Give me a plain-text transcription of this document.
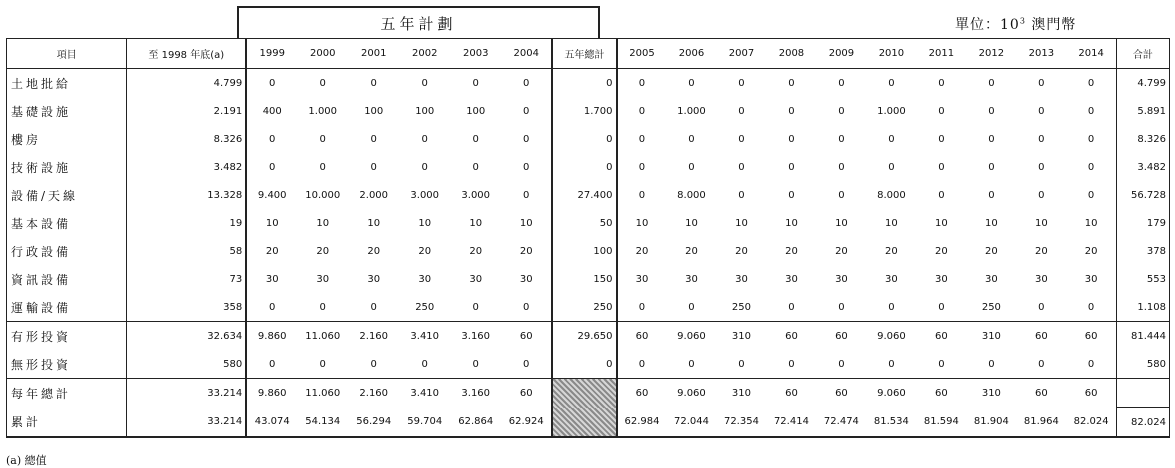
五年計劃	單位：$10^3$ 澳門幣
項目	至 1998 年底(a)	1999	2000	2001	2002	2003	2004	五年總計	2005	2006	2007	2008	2009	2010	2011	2012	2013	2014	合計
土地批給	4.799	0	0	0	0	0	0	0	0	0	0	0	0	0	0	0	0	0	4.799
基礎設施	2.191	400	1.000	100	100	100	0	1.700	0	1.000	0	0	0	1.000	0	0	0	0	5.891
樓房	8.326	0	0	0	0	0	0	0	0	0	0	0	0	0	0	0	0	0	8.326
技術設施	3.482	0	0	0	0	0	0	0	0	0	0	0	0	0	0	0	0	0	3.482
設備/天線	13.328	9.400	10.000	2.000	3.000	3.000	0	27.400	0	8.000	0	0	0	8.000	0	0	0	0	56.728
基本設備	19	10	10	10	10	10	10	50	10	10	10	10	10	10	10	10	10	10	179
行政設備	58	20	20	20	20	20	20	100	20	20	20	20	20	20	20	20	20	20	378
資訊設備	73	30	30	30	30	30	30	150	30	30	30	30	30	30	30	30	30	30	553
運輸設備	358	0	0	0	250	0	0	250	0	0	250	0	0	0	0	250	0	0	1.108
有形投資	32.634	9.860	11.060	2.160	3.410	3.160	60	29.650	60	9.060	310	60	60	9.060	60	310	60	60	81.444
無形投資	580	0	0	0	0	0	0	0	0	0	0	0	0	0	0	0	0	0	580
每年總計	33.214	9.860	11.060	2.160	3.410	3.160	60		60	9.060	310	60	60	9.060	60	310	60	60	
累計	33.214	43.074	54.134	56.294	59.704	62.864	62.924		62.984	72.044	72.354	72.414	72.474	81.534	81.594	81.904	81.964	82.024	82.024
(a) 總值
